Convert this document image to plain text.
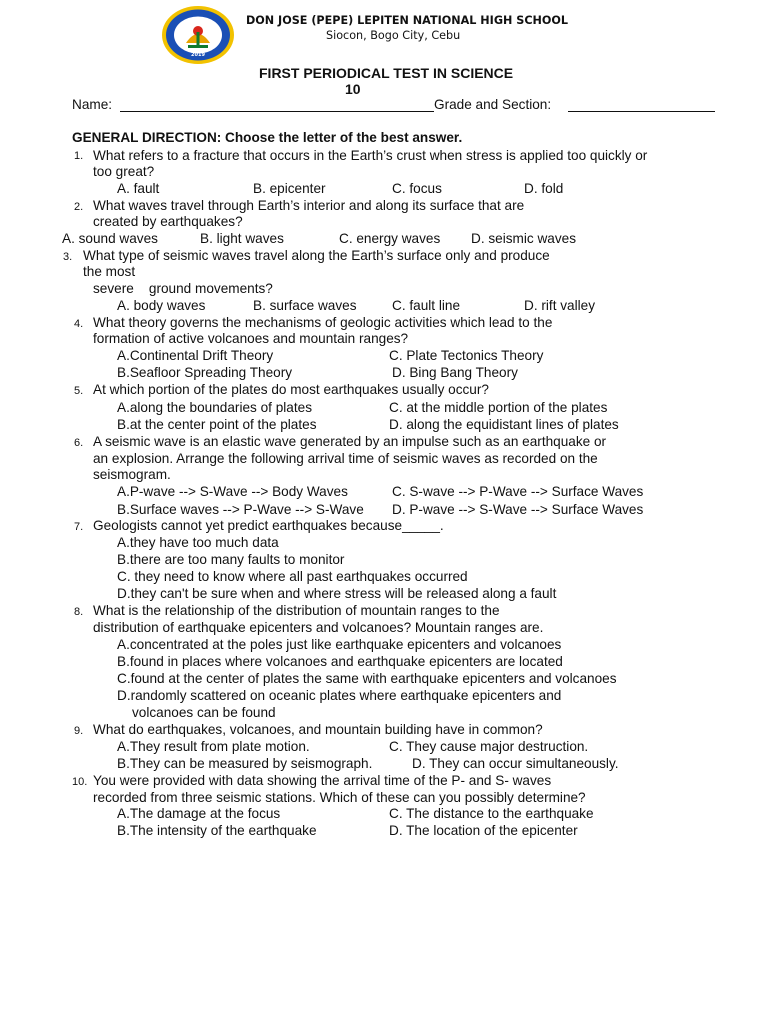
2019
DON JOSE (PEPE) LEPITEN NATIONAL HIGH SCHOOL
Siocon, Bogo City, Cebu
FIRST PERIODICAL TEST IN SCIENCE
10
Name:	Grade and Section:
GENERAL DIRECTION: Choose the letter of the best answer.
1. What refers to a fracture that occurs in the Earth’s crust when stress is applied too quickly or
too great?
A. fault	B. epicenter	C. focus	D. fold
2. What waves travel through Earth’s interior and along its surface that are
created by earthquakes?
A. sound waves	B. light waves	C. energy waves D. seismic waves
3. What type of seismic waves travel along the Earth’s surface only and produce
the most
severe    ground movements?
A. body waves	B. surface waves	C. fault line	D. rift valley
4. What theory governs the mechanisms of geologic activities which lead to the
formation of active volcanoes and mountain ranges?
A.Continental Drift Theory	C. Plate Tectonics Theory
B.Seafloor Spreading Theory	D. Bing Bang Theory
5. At which portion of the plates do most earthquakes usually occur?
A.along the boundaries of plates	C. at the middle portion of the plates
B.at the center point of the plates	D. along the equidistant lines of plates
6. A seismic wave is an elastic wave generated by an impulse such as an earthquake or
an explosion. Arrange the following arrival time of seismic waves as recorded on the
seismogram.
A.P-wave --> S-Wave --> Body Waves	C. S-wave --> P-Wave --> Surface Waves
B.Surface waves --> P-Wave --> S-Wave D. P-wave --> S-Wave --> Surface Waves
7. Geologists cannot yet predict earthquakes because_____.
A.they have too much data
B.there are too many faults to monitor
C. they need to know where all past earthquakes occurred
D.they can't be sure when and where stress will be released along a fault
8. What is the relationship of the distribution of mountain ranges to the
distribution of earthquake epicenters and volcanoes? Mountain ranges are.
A.concentrated at the poles just like earthquake epicenters and volcanoes
B.found in places where volcanoes and earthquake epicenters are located
C.found at the center of plates the same with earthquake epicenters and volcanoes
D.randomly scattered on oceanic plates where earthquake epicenters and
volcanoes can be found
9. What do earthquakes, volcanoes, and mountain building have in common?
A.They result from plate motion.	C. They cause major destruction.
B.They can be measured by seismograph.	D. They can occur simultaneously.
10. You were provided with data showing the arrival time of the P- and S- waves
recorded from three seismic stations. Which of these can you possibly determine?
A.The damage at the focus	C. The distance to the earthquake
B.The intensity of the earthquake	D. The location of the epicenter
